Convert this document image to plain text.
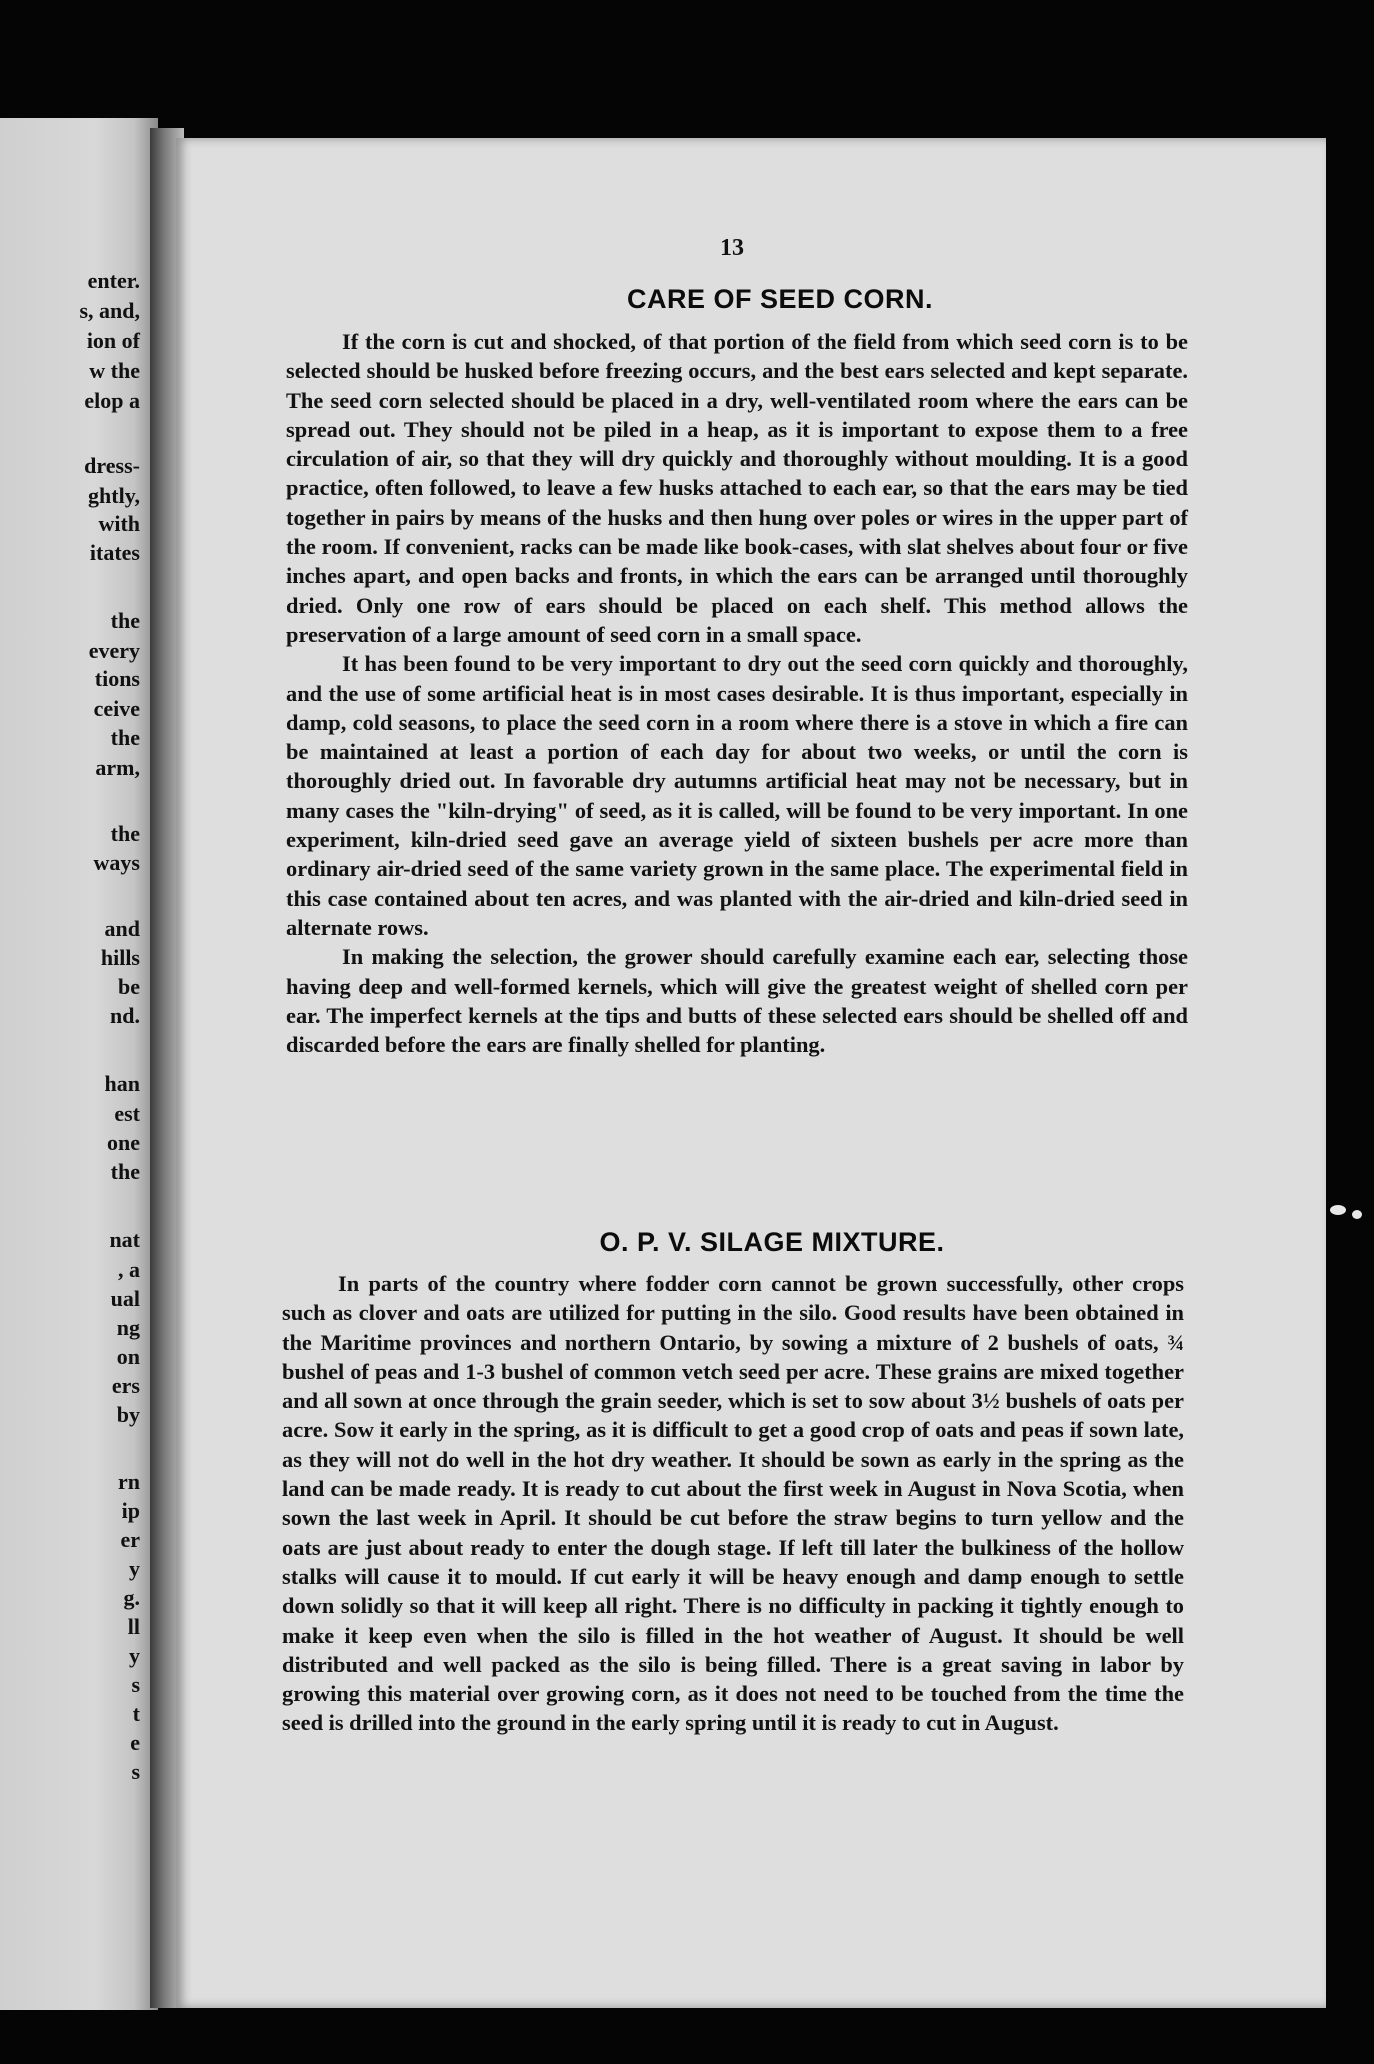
enter.
s, and,
ion of
w the
elop a
dress-
ghtly,
with
itates
the
every
tions
ceive
the
arm,
the
ways
and
hills
be
nd.
han
est
one
the
nat
, a
ual
ng
on
ers
by
rn
ip
er
y
g.
ll
y
s
t
e
s
13
CARE OF SEED CORN.

If the corn is cut and shocked, of that portion of the field from which seed corn is to be selected should be husked before freezing occurs, and the best ears selected and kept separate. The seed corn selected should be placed in a dry, well-ventilated room where the ears can be spread out. They should not be piled in a heap, as it is important to expose them to a free circulation of air, so that they will dry quickly and thoroughly without moulding. It is a good practice, often followed, to leave a few husks attached to each ear, so that the ears may be tied together in pairs by means of the husks and then hung over poles or wires in the upper part of the room. If convenient, racks can be made like book-cases, with slat shelves about four or five inches apart, and open backs and fronts, in which the ears can be arranged until thoroughly dried. Only one row of ears should be placed on each shelf. This method allows the preservation of a large amount of seed corn in a small space.

It has been found to be very important to dry out the seed corn quickly and thoroughly, and the use of some artificial heat is in most cases desirable. It is thus important, especially in damp, cold seasons, to place the seed corn in a room where there is a stove in which a fire can be maintained at least a portion of each day for about two weeks, or until the corn is thoroughly dried out. In favorable dry autumns artificial heat may not be necessary, but in many cases the "kiln-drying" of seed, as it is called, will be found to be very important. In one experiment, kiln-dried seed gave an average yield of sixteen bushels per acre more than ordinary air-dried seed of the same variety grown in the same place. The experimental field in this case contained about ten acres, and was planted with the air-dried and kiln-dried seed in alternate rows.

In making the selection, the grower should carefully examine each ear, selecting those having deep and well-formed kernels, which will give the greatest weight of shelled corn per ear. The imperfect kernels at the tips and butts of these selected ears should be shelled off and discarded before the ears are finally shelled for planting.

O. P. V. SILAGE MIXTURE.

In parts of the country where fodder corn cannot be grown successfully, other crops such as clover and oats are utilized for putting in the silo. Good results have been obtained in the Maritime provinces and northern Ontario, by sowing a mixture of 2 bushels of oats, ¾ bushel of peas and 1-3 bushel of common vetch seed per acre. These grains are mixed together and all sown at once through the grain seeder, which is set to sow about 3½ bushels of oats per acre. Sow it early in the spring, as it is difficult to get a good crop of oats and peas if sown late, as they will not do well in the hot dry weather. It should be sown as early in the spring as the land can be made ready. It is ready to cut about the first week in August in Nova Scotia, when sown the last week in April. It should be cut before the straw begins to turn yellow and the oats are just about ready to enter the dough stage. If left till later the bulkiness of the hollow stalks will cause it to mould. If cut early it will be heavy enough and damp enough to settle down solidly so that it will keep all right. There is no difficulty in packing it tightly enough to make it keep even when the silo is filled in the hot weather of August. It should be well distributed and well packed as the silo is being filled. There is a great saving in labor by growing this material over growing corn, as it does not need to be touched from the time the seed is drilled into the ground in the early spring until it is ready to cut in August.
